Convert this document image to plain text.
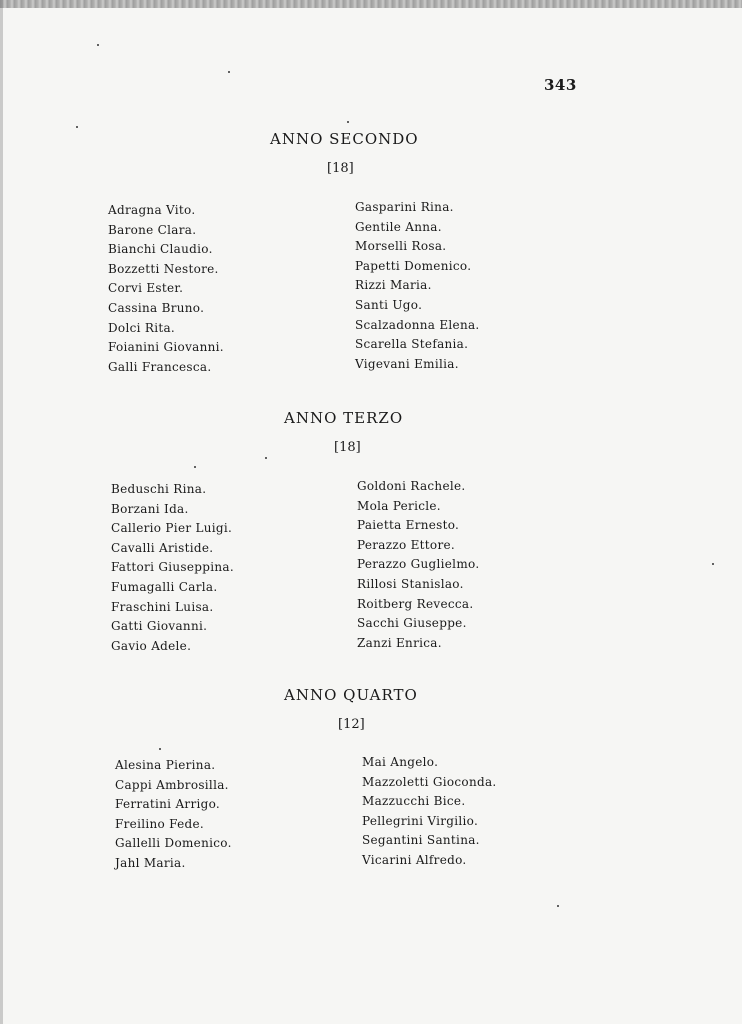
343
ANNO SECONDO
[18]
Adragna Vito.
Barone Clara.
Bianchi Claudio.
Bozzetti Nestore.
Corvi Ester.
Cassina Bruno.
Dolci Rita.
Foianini Giovanni.
Galli Francesca.
Gasparini Rina.
Gentile Anna.
Morselli Rosa.
Papetti Domenico.
Rizzi Maria.
Santi Ugo.
Scalzadonna Elena.
Scarella Stefania.
Vigevani Emilia.
ANNO TERZO
[18]
Beduschi Rina.
Borzani Ida.
Callerio Pier Luigi.
Cavalli Aristide.
Fattori Giuseppina.
Fumagalli Carla.
Fraschini Luisa.
Gatti Giovanni.
Gavio Adele.
Goldoni Rachele.
Mola Pericle.
Paietta Ernesto.
Perazzo Ettore.
Perazzo Guglielmo.
Rillosi Stanislao.
Roitberg Revecca.
Sacchi Giuseppe.
Zanzi Enrica.
ANNO QUARTO
[12]
Alesina Pierina.
Cappi Ambrosilla.
Ferratini Arrigo.
Freilino Fede.
Gallelli Domenico.
Jahl Maria.
Mai Angelo.
Mazzoletti Gioconda.
Mazzucchi Bice.
Pellegrini Virgilio.
Segantini Santina.
Vicarini Alfredo.
